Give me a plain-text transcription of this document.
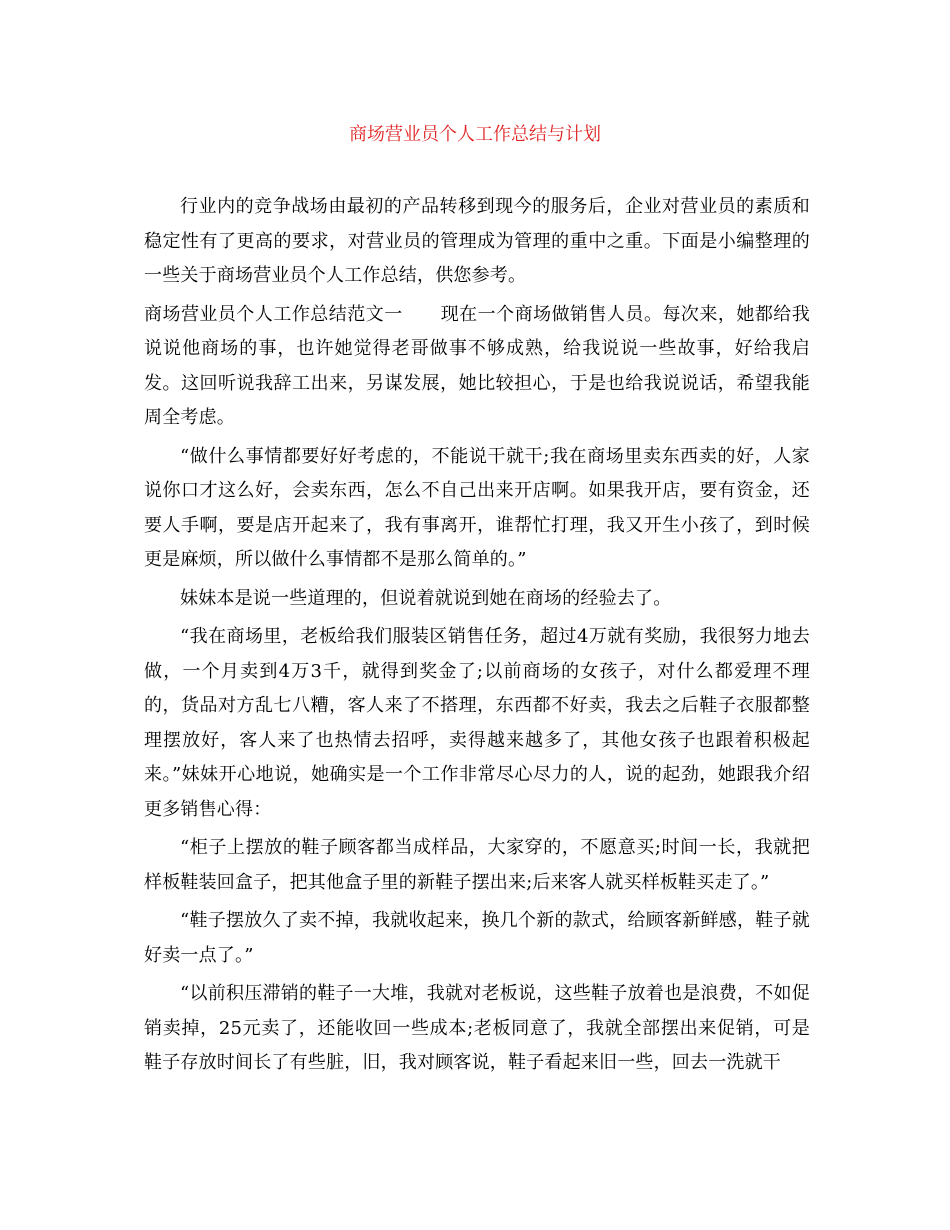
商场营业员个人工作总结与计划

行业内的竞争战场由最初的产品转移到现今的服务后，企业对营业员的素质和稳定性有了更高的要求，对营业员的管理成为管理的重中之重。下面是小编整理的一些关于商场营业员个人工作总结，供您参考。

商场营业员个人工作总结范文一 现在一个商场做销售人员。每次来，她都给我说说他商场的事，也许她觉得老哥做事不够成熟，给我说说一些故事，好给我启发。这回听说我辞工出来，另谋发展，她比较担心，于是也给我说说话，希望我能周全考虑。

“做什么事情都要好好考虑的，不能说干就干;我在商场里卖东西卖的好，人家说你口才这么好，会卖东西，怎么不自己出来开店啊。如果我开店，要有资金，还要人手啊，要是店开起来了，我有事离开，谁帮忙打理，我又开生小孩了，到时候更是麻烦，所以做什么事情都不是那么简单的。”

妹妹本是说一些道理的，但说着就说到她在商场的经验去了。

“我在商场里，老板给我们服装区销售任务，超过4万就有奖励，我很努力地去做，一个月卖到4万3千，就得到奖金了;以前商场的女孩子，对什么都爱理不理的，货品对方乱七八糟，客人来了不搭理，东西都不好卖，我去之后鞋子衣服都整理摆放好，客人来了也热情去招呼，卖得越来越多了，其他女孩子也跟着积极起来。”妹妹开心地说，她确实是一个工作非常尽心尽力的人，说的起劲，她跟我介绍更多销售心得：

“柜子上摆放的鞋子顾客都当成样品，大家穿的，不愿意买;时间一长，我就把样板鞋装回盒子，把其他盒子里的新鞋子摆出来;后来客人就买样板鞋买走了。”

“鞋子摆放久了卖不掉，我就收起来，换几个新的款式，给顾客新鲜感，鞋子就好卖一点了。”

“以前积压滞销的鞋子一大堆，我就对老板说，这些鞋子放着也是浪费，不如促销卖掉，25元卖了，还能收回一些成本;老板同意了，我就全部摆出来促销，可是鞋子存放时间长了有些脏，旧，我对顾客说，鞋子看起来旧一些，回去一洗就干
